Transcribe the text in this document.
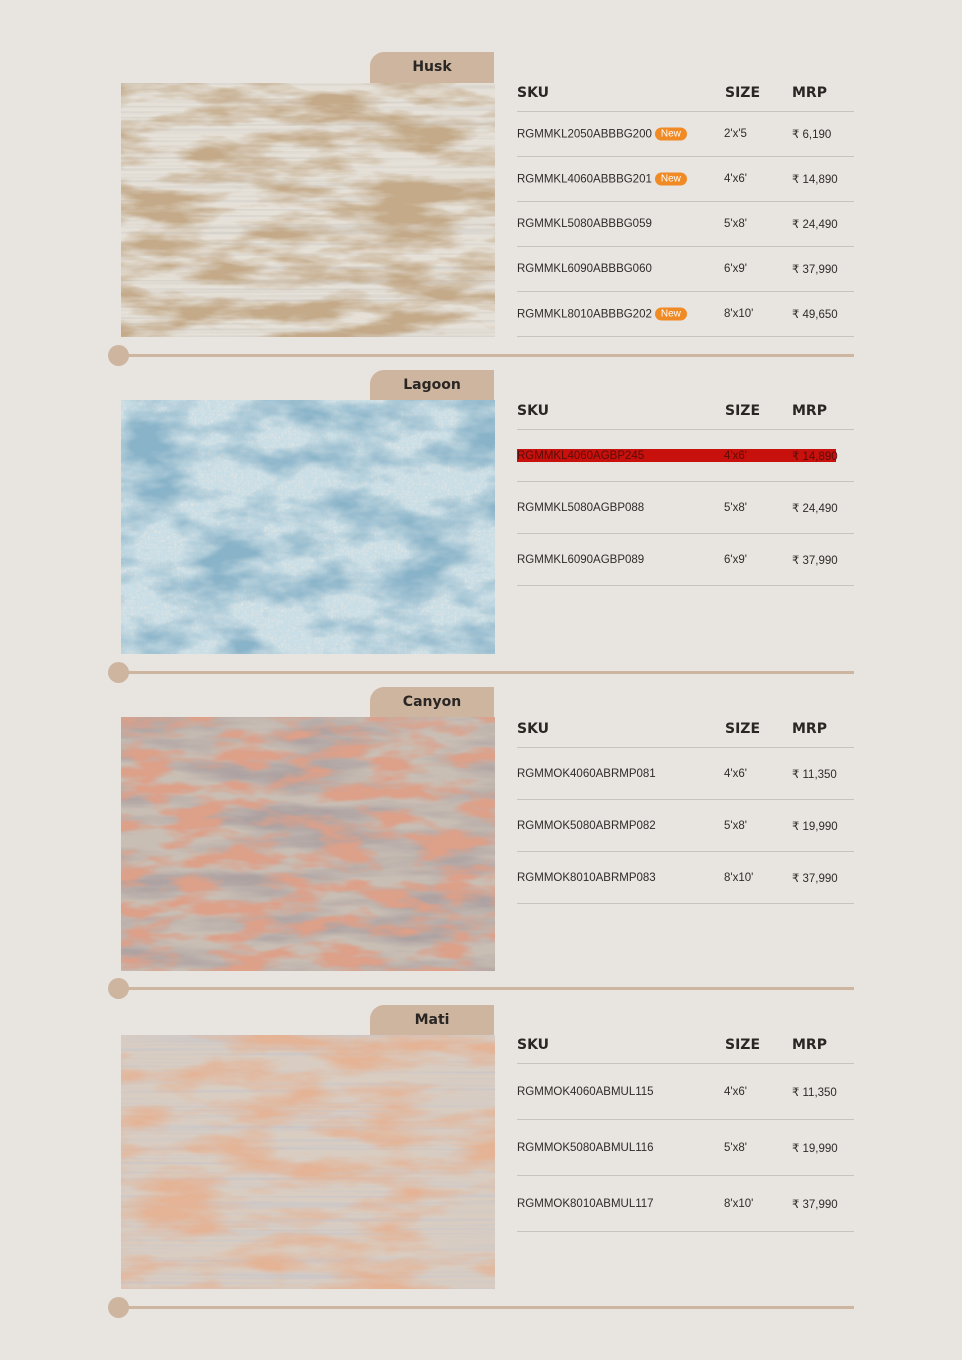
Husk
SKU	SIZE MRP
RGMMKL2050ABBBG200 New	2'x'5	₹ 6,190
RGMMKL4060ABBBG201 New	4'x6'	₹ 14,890
RGMMKL5080ABBBG059	5'x8'	₹ 24,490
RGMMKL6090ABBBG060	6'x9'	₹ 37,990
RGMMKL8010ABBBG202 New	8'x10'	₹ 49,650
Lagoon
SKU	SIZE MRP
RGMMKL4060AGBP245	4'x6'	₹ 14,890
RGMMKL5080AGBP088	5'x8'	₹ 24,490
RGMMKL6090AGBP089	6'x9'	₹ 37,990
Canyon
SKU	SIZE MRP
RGMMOK4060ABRMP081	4'x6'	₹ 11,350
RGMMOK5080ABRMP082	5'x8'	₹ 19,990
RGMMOK8010ABRMP083	8'x10'	₹ 37,990
Mati
SKU	SIZE MRP
RGMMOK4060ABMUL115	4'x6'	₹ 11,350
RGMMOK5080ABMUL116	5'x8'	₹ 19,990
RGMMOK8010ABMUL117	8'x10'	₹ 37,990
